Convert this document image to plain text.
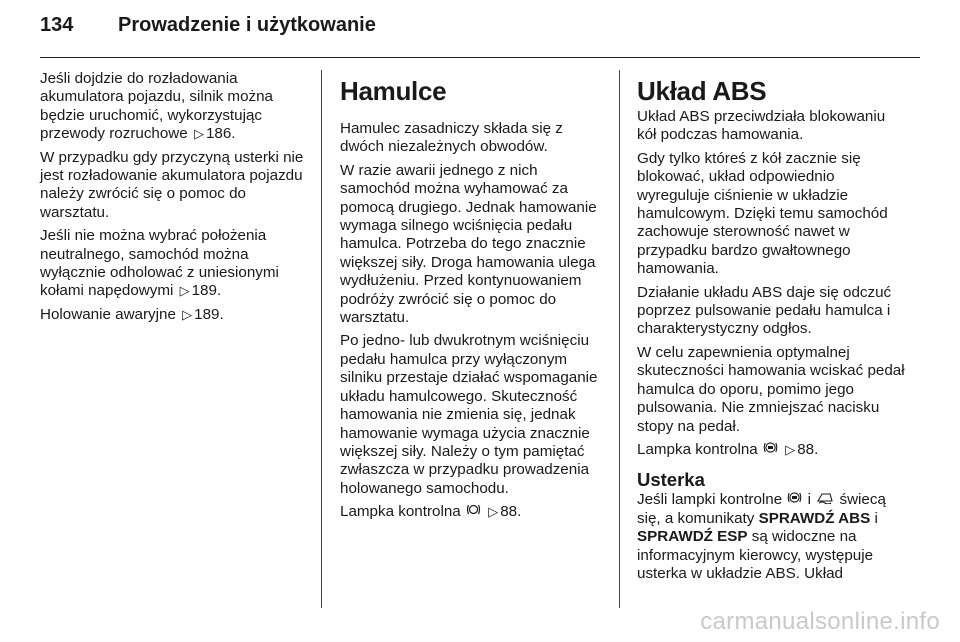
134	Prowadzenie i użytkowanie

Jeśli dojdzie do rozładowania akumulatora pojazdu, silnik można będzie uruchomić, wykorzystując przewody rozruchowe ▷ 186.

W przypadku gdy przyczyną usterki nie jest rozładowanie akumulatora pojazdu należy zwrócić się o pomoc do warsztatu.

Jeśli nie można wybrać położenia neutralnego, samochód można wyłącznie odholować z uniesionymi kołami napędowymi ▷ 189.

Holowanie awaryjne ▷ 189.

Hamulce

Hamulec zasadniczy składa się z dwóch niezależnych obwodów.

W razie awarii jednego z nich samochód można wyhamować za pomocą drugiego. Jednak hamowanie wymaga silnego wciśnięcia pedału hamulca. Potrzeba do tego znacznie większej siły. Droga hamowania ulega wydłużeniu. Przed kontynuowaniem podróży zwrócić się o pomoc do warsztatu.

Po jedno- lub dwukrotnym wciśnięciu pedału hamulca przy wyłączonym silniku przestaje działać wspomaganie układu hamulcowego. Skuteczność hamowania nie zmienia się, jednak hamowanie wymaga użycia znacznie większej siły. Należy o tym pamiętać zwłaszcza w przypadku prowadzenia holowanego samochodu.

Lampka kontrolna ▷ 88.

Układ ABS

Układ ABS przeciwdziała blokowaniu kół podczas hamowania.

Gdy tylko któreś z kół zacznie się blokować, układ odpowiednio wyreguluje ciśnienie w układzie hamulcowym. Dzięki temu samochód zachowuje sterowność nawet w przypadku bardzo gwałtownego hamowania.

Działanie układu ABS daje się odczuć poprzez pulsowanie pedału hamulca i charakterystyczny odgłos.

W celu zapewnienia optymalnej skuteczności hamowania wciskać pedał hamulca do oporu, pomimo jego pulsowania. Nie zmniejszać nacisku stopy na pedał.

Lampka kontrolna ▷ 88.

Usterka

Jeśli lampki kontrolne i świecą się, a komunikaty SPRAWDŹ ABS i SPRAWDŹ ESP są widoczne na informacyjnym kierowcy, występuje usterka w układzie ABS. Układ

carmanualsonline.info
